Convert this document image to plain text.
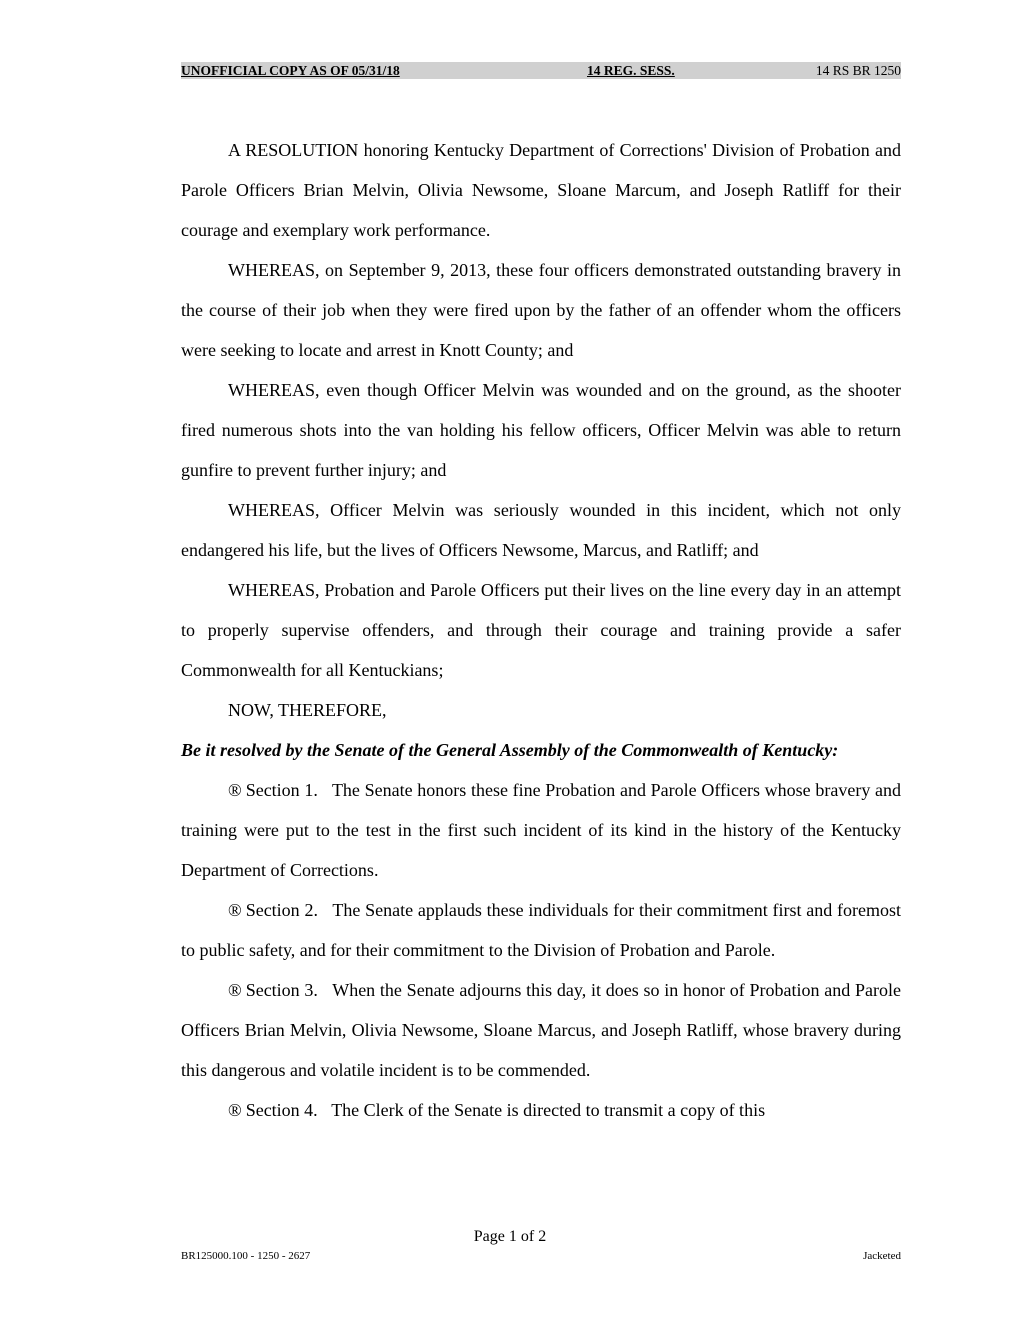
UNOFFICIAL COPY AS OF 05/31/18	14 REG. SESS.	14 RS BR 1250

A RESOLUTION honoring Kentucky Department of Corrections' Division of Probation and Parole Officers Brian Melvin, Olivia Newsome, Sloane Marcum, and Joseph Ratliff for their courage and exemplary work performance.

WHEREAS, on September 9, 2013, these four officers demonstrated outstanding bravery in the course of their job when they were fired upon by the father of an offender whom the officers were seeking to locate and arrest in Knott County; and

WHEREAS, even though Officer Melvin was wounded and on the ground, as the shooter fired numerous shots into the van holding his fellow officers, Officer Melvin was able to return gunfire to prevent further injury; and

WHEREAS, Officer Melvin was seriously wounded in this incident, which not only endangered his life, but the lives of Officers Newsome, Marcus, and Ratliff; and

WHEREAS, Probation and Parole Officers put their lives on the line every day in an attempt to properly supervise offenders, and through their courage and training provide a safer Commonwealth for all Kentuckians;

NOW, THEREFORE,

Be it resolved by the Senate of the General Assembly of the Commonwealth of Kentucky:

® Section 1. The Senate honors these fine Probation and Parole Officers whose bravery and training were put to the test in the first such incident of its kind in the history of the Kentucky Department of Corrections.

® Section 2. The Senate applauds these individuals for their commitment first and foremost to public safety, and for their commitment to the Division of Probation and Parole.

® Section 3. When the Senate adjourns this day, it does so in honor of Probation and Parole Officers Brian Melvin, Olivia Newsome, Sloane Marcus, and Joseph Ratliff, whose bravery during this dangerous and volatile incident is to be commended.

® Section 4. The Clerk of the Senate is directed to transmit a copy of this

Page 1 of 2
BR125000.100 - 1250 - 2627	Jacketed
